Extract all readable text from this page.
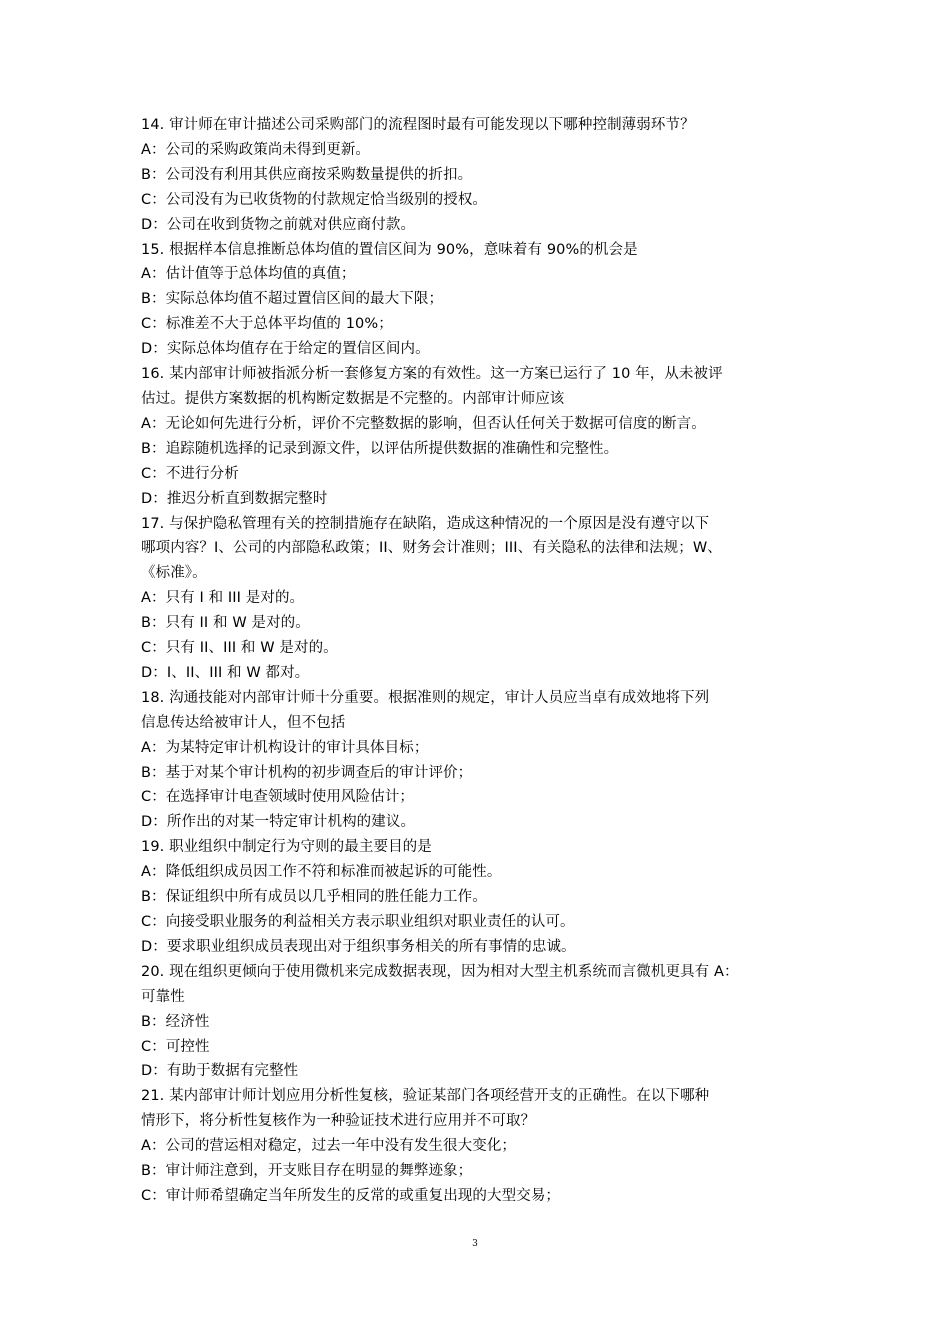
14. 审计师在审计描述公司采购部门的流程图时最有可能发现以下哪种控制薄弱环节？
A：公司的采购政策尚未得到更新。
B：公司没有利用其供应商按采购数量提供的折扣。
C：公司没有为已收货物的付款规定恰当级别的授权。
D：公司在收到货物之前就对供应商付款。
15. 根据样本信息推断总体均值的置信区间为 90%，意味着有 90%的机会是
A：估计值等于总体均值的真值；
B：实际总体均值不超过置信区间的最大下限；
C：标准差不大于总体平均值的 10%；
D：实际总体均值存在于给定的置信区间内。
16. 某内部审计师被指派分析一套修复方案的有效性。这一方案已运行了 10 年，从未被评
估过。提供方案数据的机构断定数据是不完整的。内部审计师应该
A：无论如何先进行分析，评价不完整数据的影响，但否认任何关于数据可信度的断言。
B：追踪随机选择的记录到源文件，以评估所提供数据的准确性和完整性。
C：不进行分析
D：推迟分析直到数据完整时
17. 与保护隐私管理有关的控制措施存在缺陷，造成这种情况的一个原因是没有遵守以下
哪项内容？I、公司的内部隐私政策；II、财务会计准则；III、有关隐私的法律和法规；W、
《标准》。
A：只有 I 和 III 是对的。
B：只有 II 和 W 是对的。
C：只有 II、III 和 W 是对的。
D：I、II、III 和 W 都对。
18. 沟通技能对内部审计师十分重要。根据准则的规定，审计人员应当卓有成效地将下列
信息传达给被审计人，但不包括
A：为某特定审计机构设计的审计具体目标；
B：基于对某个审计机构的初步调查后的审计评价；
C：在选择审计电查领域时使用风险估计；
D：所作出的对某一特定审计机构的建议。
19. 职业组织中制定行为守则的最主要目的是
A：降低组织成员因工作不符和标准而被起诉的可能性。
B：保证组织中所有成员以几乎相同的胜任能力工作。
C：向接受职业服务的利益相关方表示职业组织对职业责任的认可。
D：要求职业组织成员表现出对于组织事务相关的所有事情的忠诚。
20. 现在组织更倾向于使用微机来完成数据表现，因为相对大型主机系统而言微机更具有 A：
可靠性
B：经济性
C：可控性
D：有助于数据有完整性
21. 某内部审计师计划应用分析性复核，验证某部门各项经营开支的正确性。在以下哪种
情形下，将分析性复核作为一种验证技术进行应用并不可取？
A：公司的营运相对稳定，过去一年中没有发生很大变化；
B：审计师注意到，开支账目存在明显的舞弊迹象；
C：审计师希望确定当年所发生的反常的或重复出现的大型交易；
3
